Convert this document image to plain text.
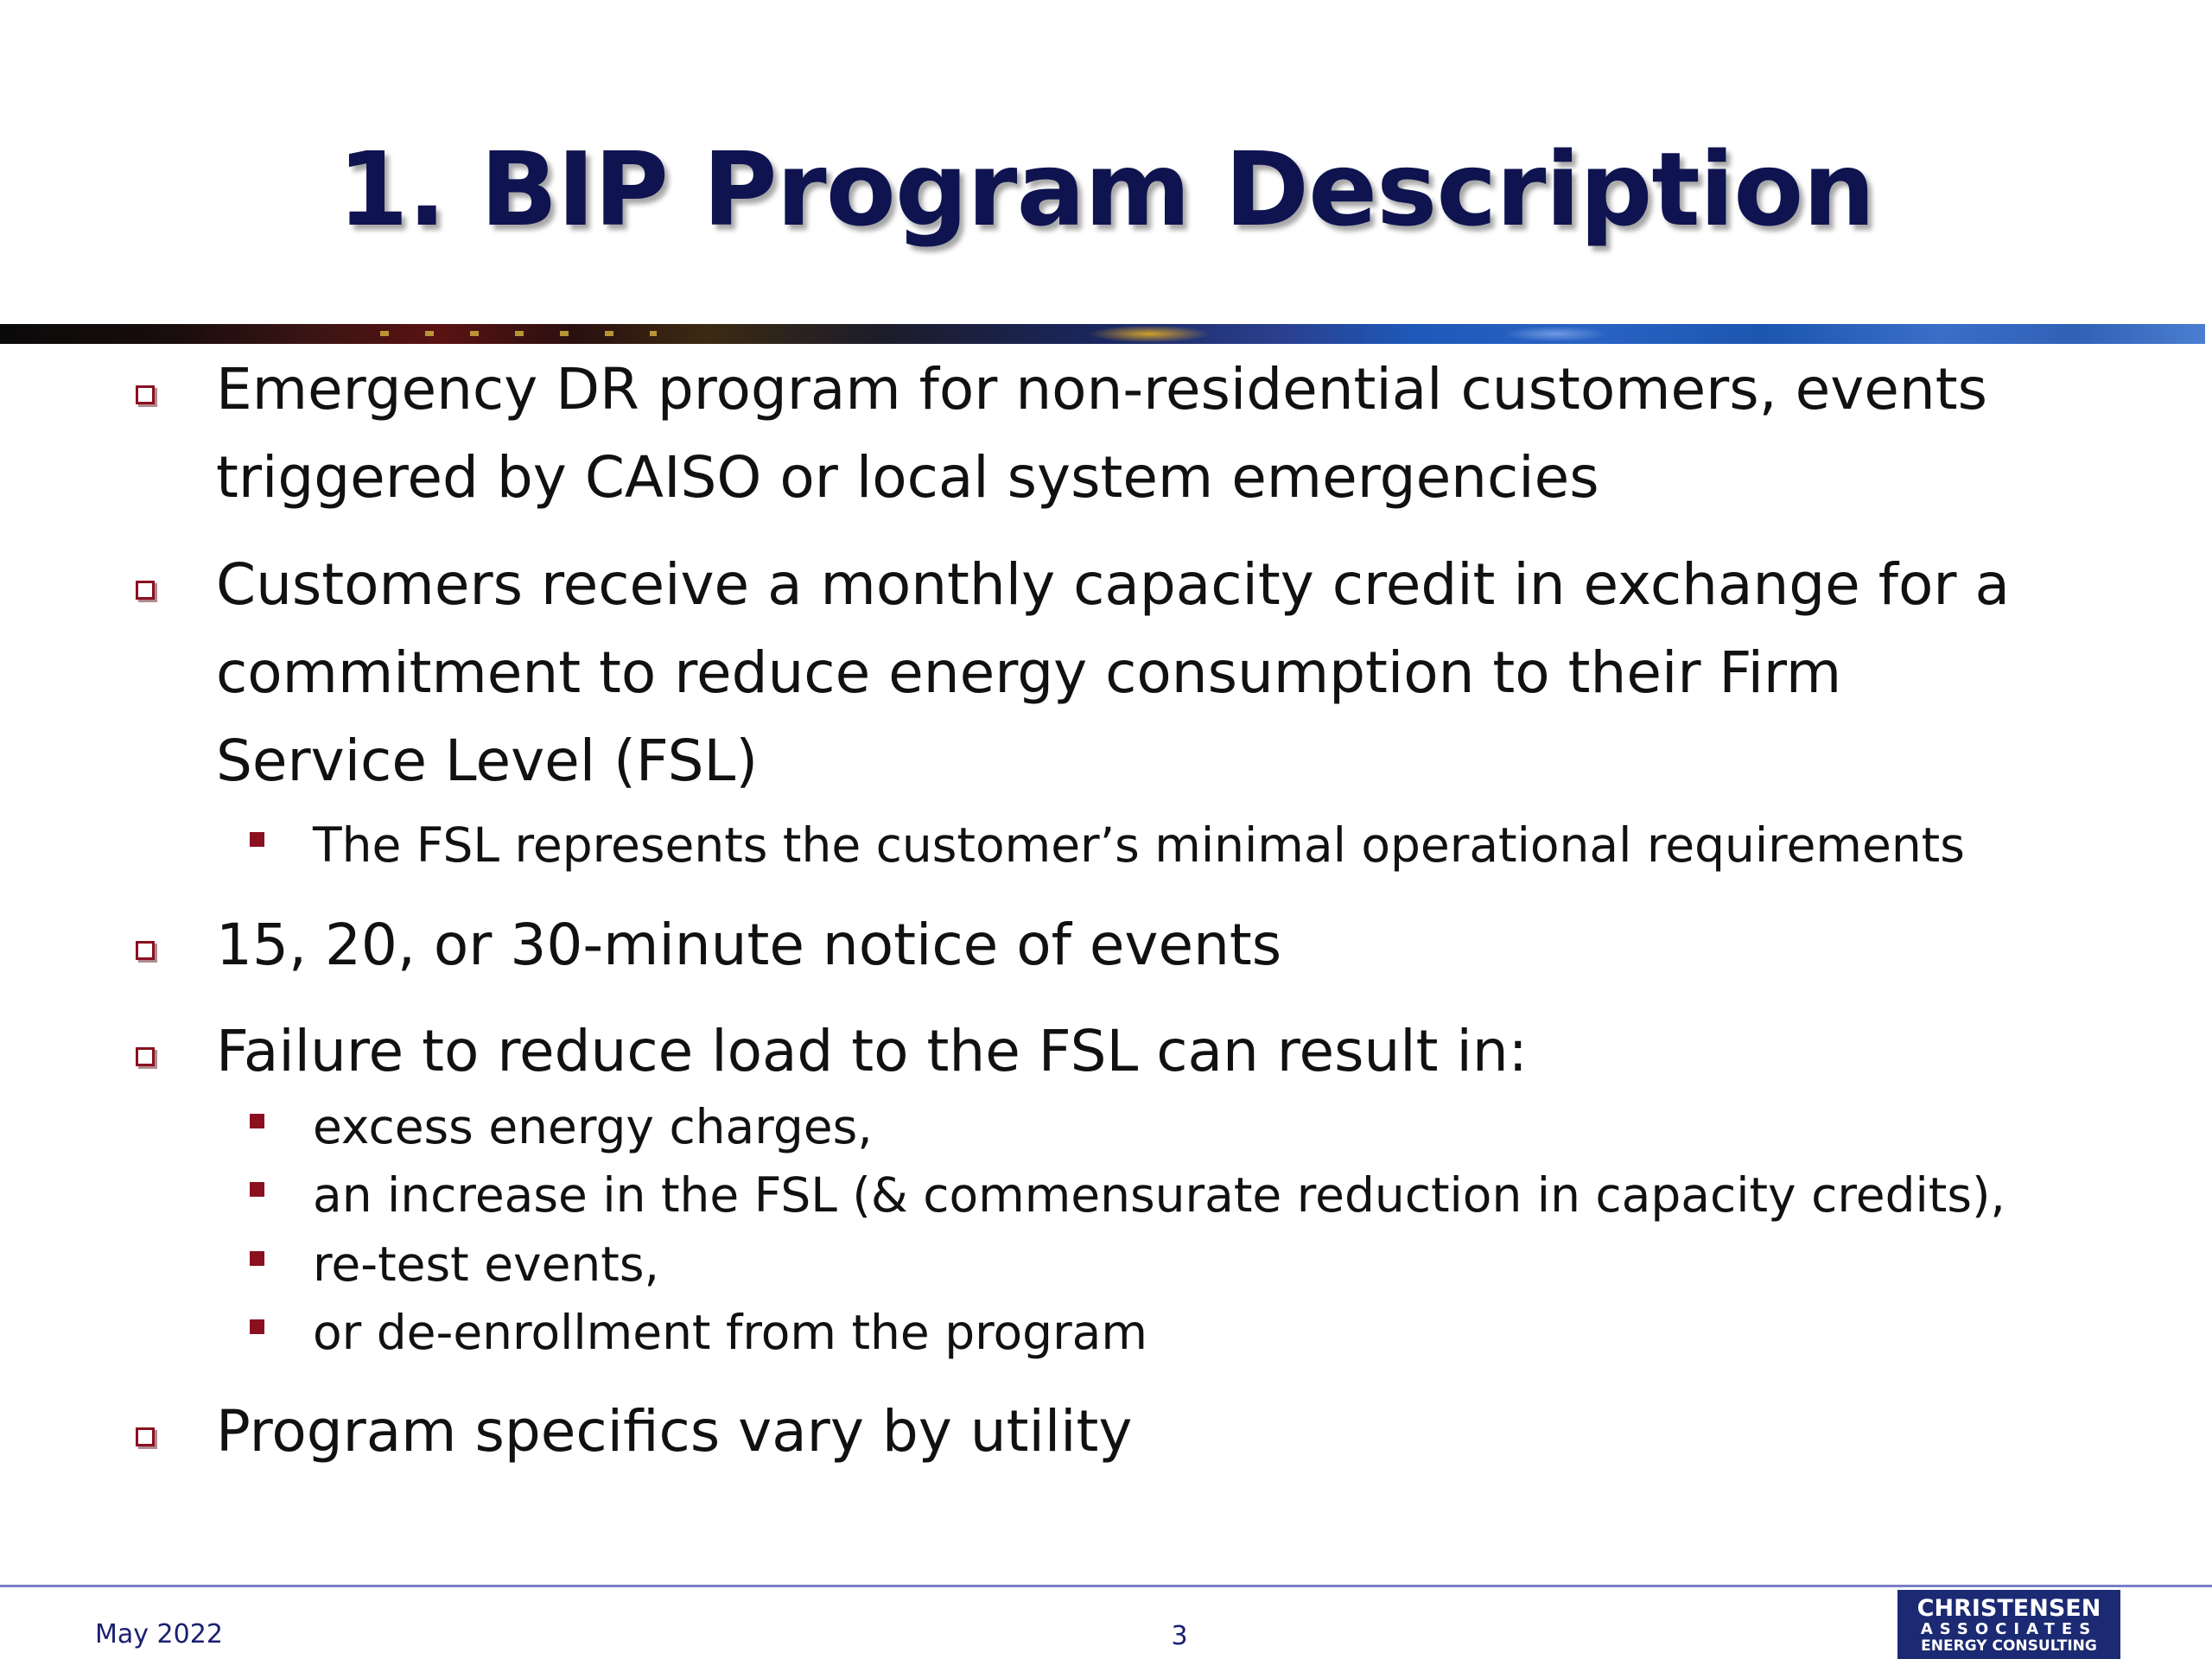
1. BIP Program Description
Emergency DR program for non-residential customers, events
triggered by CAISO or local system emergencies
Customers receive a monthly capacity credit in exchange for a
commitment to reduce energy consumption to their Firm
Service Level (FSL)
The FSL represents the customer’s minimal operational requirements
15, 20, or 30-minute notice of events
Failure to reduce load to the FSL can result in:
excess energy charges,
an increase in the FSL (& commensurate reduction in capacity credits),
re-test events,
or de-enrollment from the program
Program specifics vary by utility
May 2022	3
CHRISTENSEN
ASSOCIATES
ENERGY CONSULTING
